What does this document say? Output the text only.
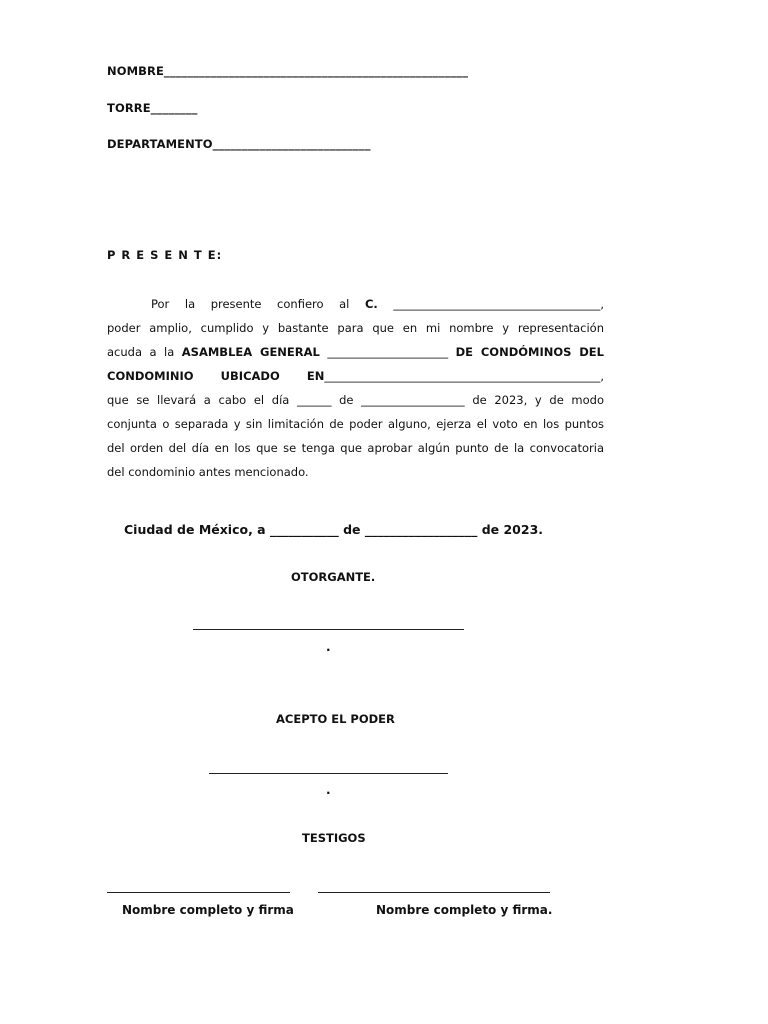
NOMBRE____________________________________________________
TORRE________
DEPARTAMENTO___________________________
P R E S E N T E:
Por la presente confiero al C. ____________________________________,
poder amplio, cumplido y bastante para que en mi nombre y representación
acuda a la ASAMBLEA GENERAL _____________________ DE CONDÓMINOS DEL
CONDOMINIO UBICADO EN________________________________________________,
que se llevará a cabo el día ______ de __________________ de 2023, y de modo
conjunta o separada y sin limitación de poder alguno, ejerza el voto en los puntos
del orden del día en los que se tenga que aprobar algún punto de la convocatoria
del condominio antes mencionado.
Ciudad de México, a ___________ de __________________ de 2023.
OTORGANTE.
.
ACEPTO EL PODER
.
TESTIGOS
Nombre completo y firma	Nombre completo y firma.
